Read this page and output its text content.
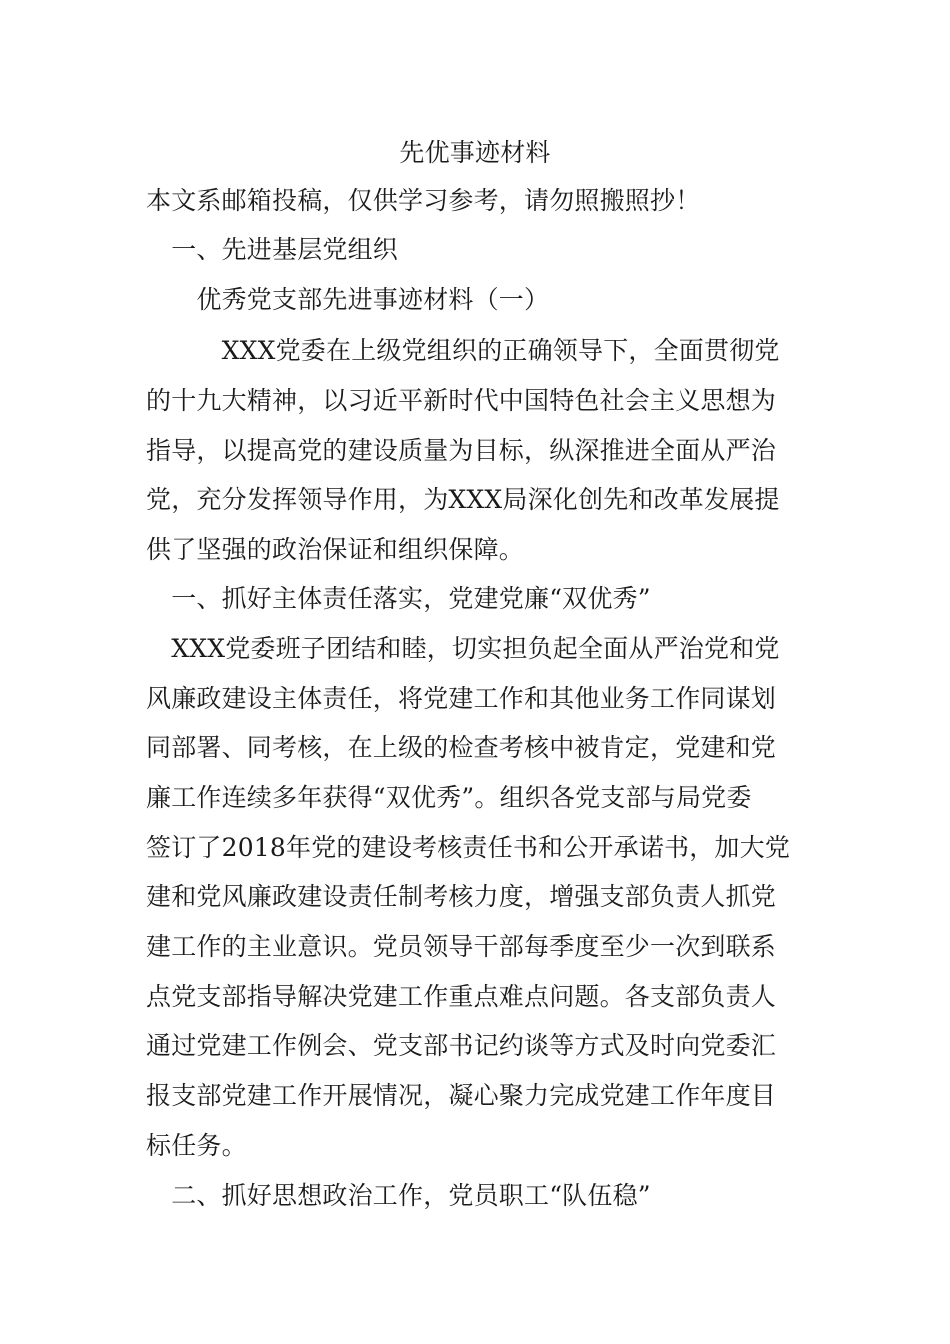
先优事迹材料
本文系邮箱投稿，仅供学习参考，请勿照搬照抄！
　一、先进基层党组织
　　优秀党支部先进事迹材料（一）
　　　XXX党委在上级党组织的正确领导下，全面贯彻党
的十九大精神，以习近平新时代中国特色社会主义思想为
指导，以提高党的建设质量为目标，纵深推进全面从严治
党，充分发挥领导作用，为XXX局深化创先和改革发展提
供了坚强的政治保证和组织保障。
　一、抓好主体责任落实，党建党廉“双优秀”
　XXX党委班子团结和睦，切实担负起全面从严治党和党
风廉政建设主体责任，将党建工作和其他业务工作同谋划
同部署、同考核，在上级的检查考核中被肯定，党建和党
廉工作连续多年获得“双优秀”。组织各党支部与局党委
签订了2018年党的建设考核责任书和公开承诺书，加大党
建和党风廉政建设责任制考核力度，增强支部负责人抓党
建工作的主业意识。党员领导干部每季度至少一次到联系
点党支部指导解决党建工作重点难点问题。各支部负责人
通过党建工作例会、党支部书记约谈等方式及时向党委汇
报支部党建工作开展情况，凝心聚力完成党建工作年度目
标任务。
　二、抓好思想政治工作，党员职工“队伍稳”
